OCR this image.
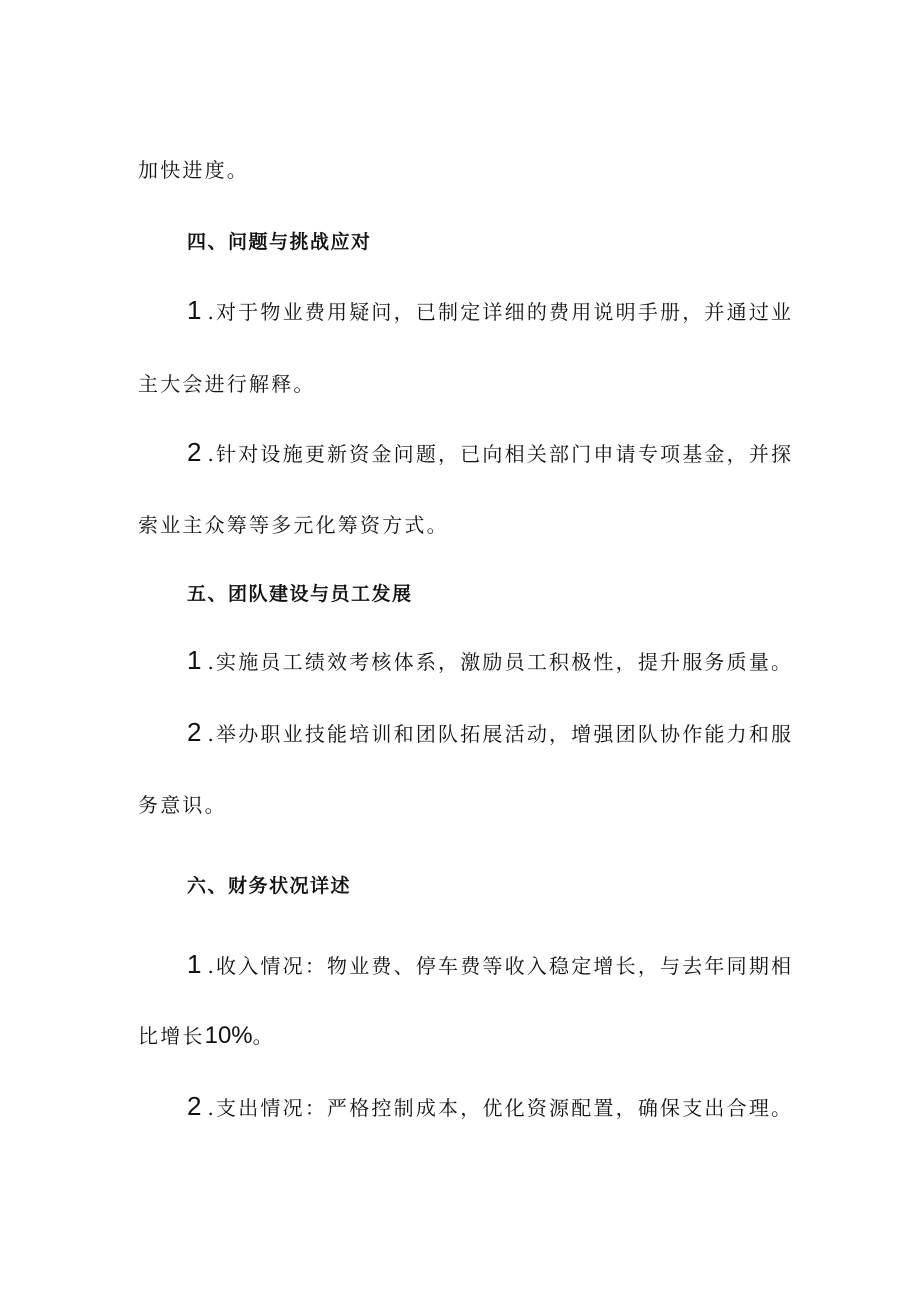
加快进度。
四、问题与挑战应对
1 .对于物业费用疑问，已制定详细的费用说明手册，并通过业
主大会进行解释。
2 .针对设施更新资金问题，已向相关部门申请专项基金，并探
索业主众筹等多元化筹资方式。
五、团队建设与员工发展
1 .实施员工绩效考核体系，激励员工积极性，提升服务质量。
2 .举办职业技能培训和团队拓展活动，增强团队协作能力和服
务意识。
六、财务状况详述
1 .收入情况：物业费、停车费等收入稳定增长，与去年同期相
比增长10%。
2 .支出情况：严格控制成本，优化资源配置，确保支出合理。
